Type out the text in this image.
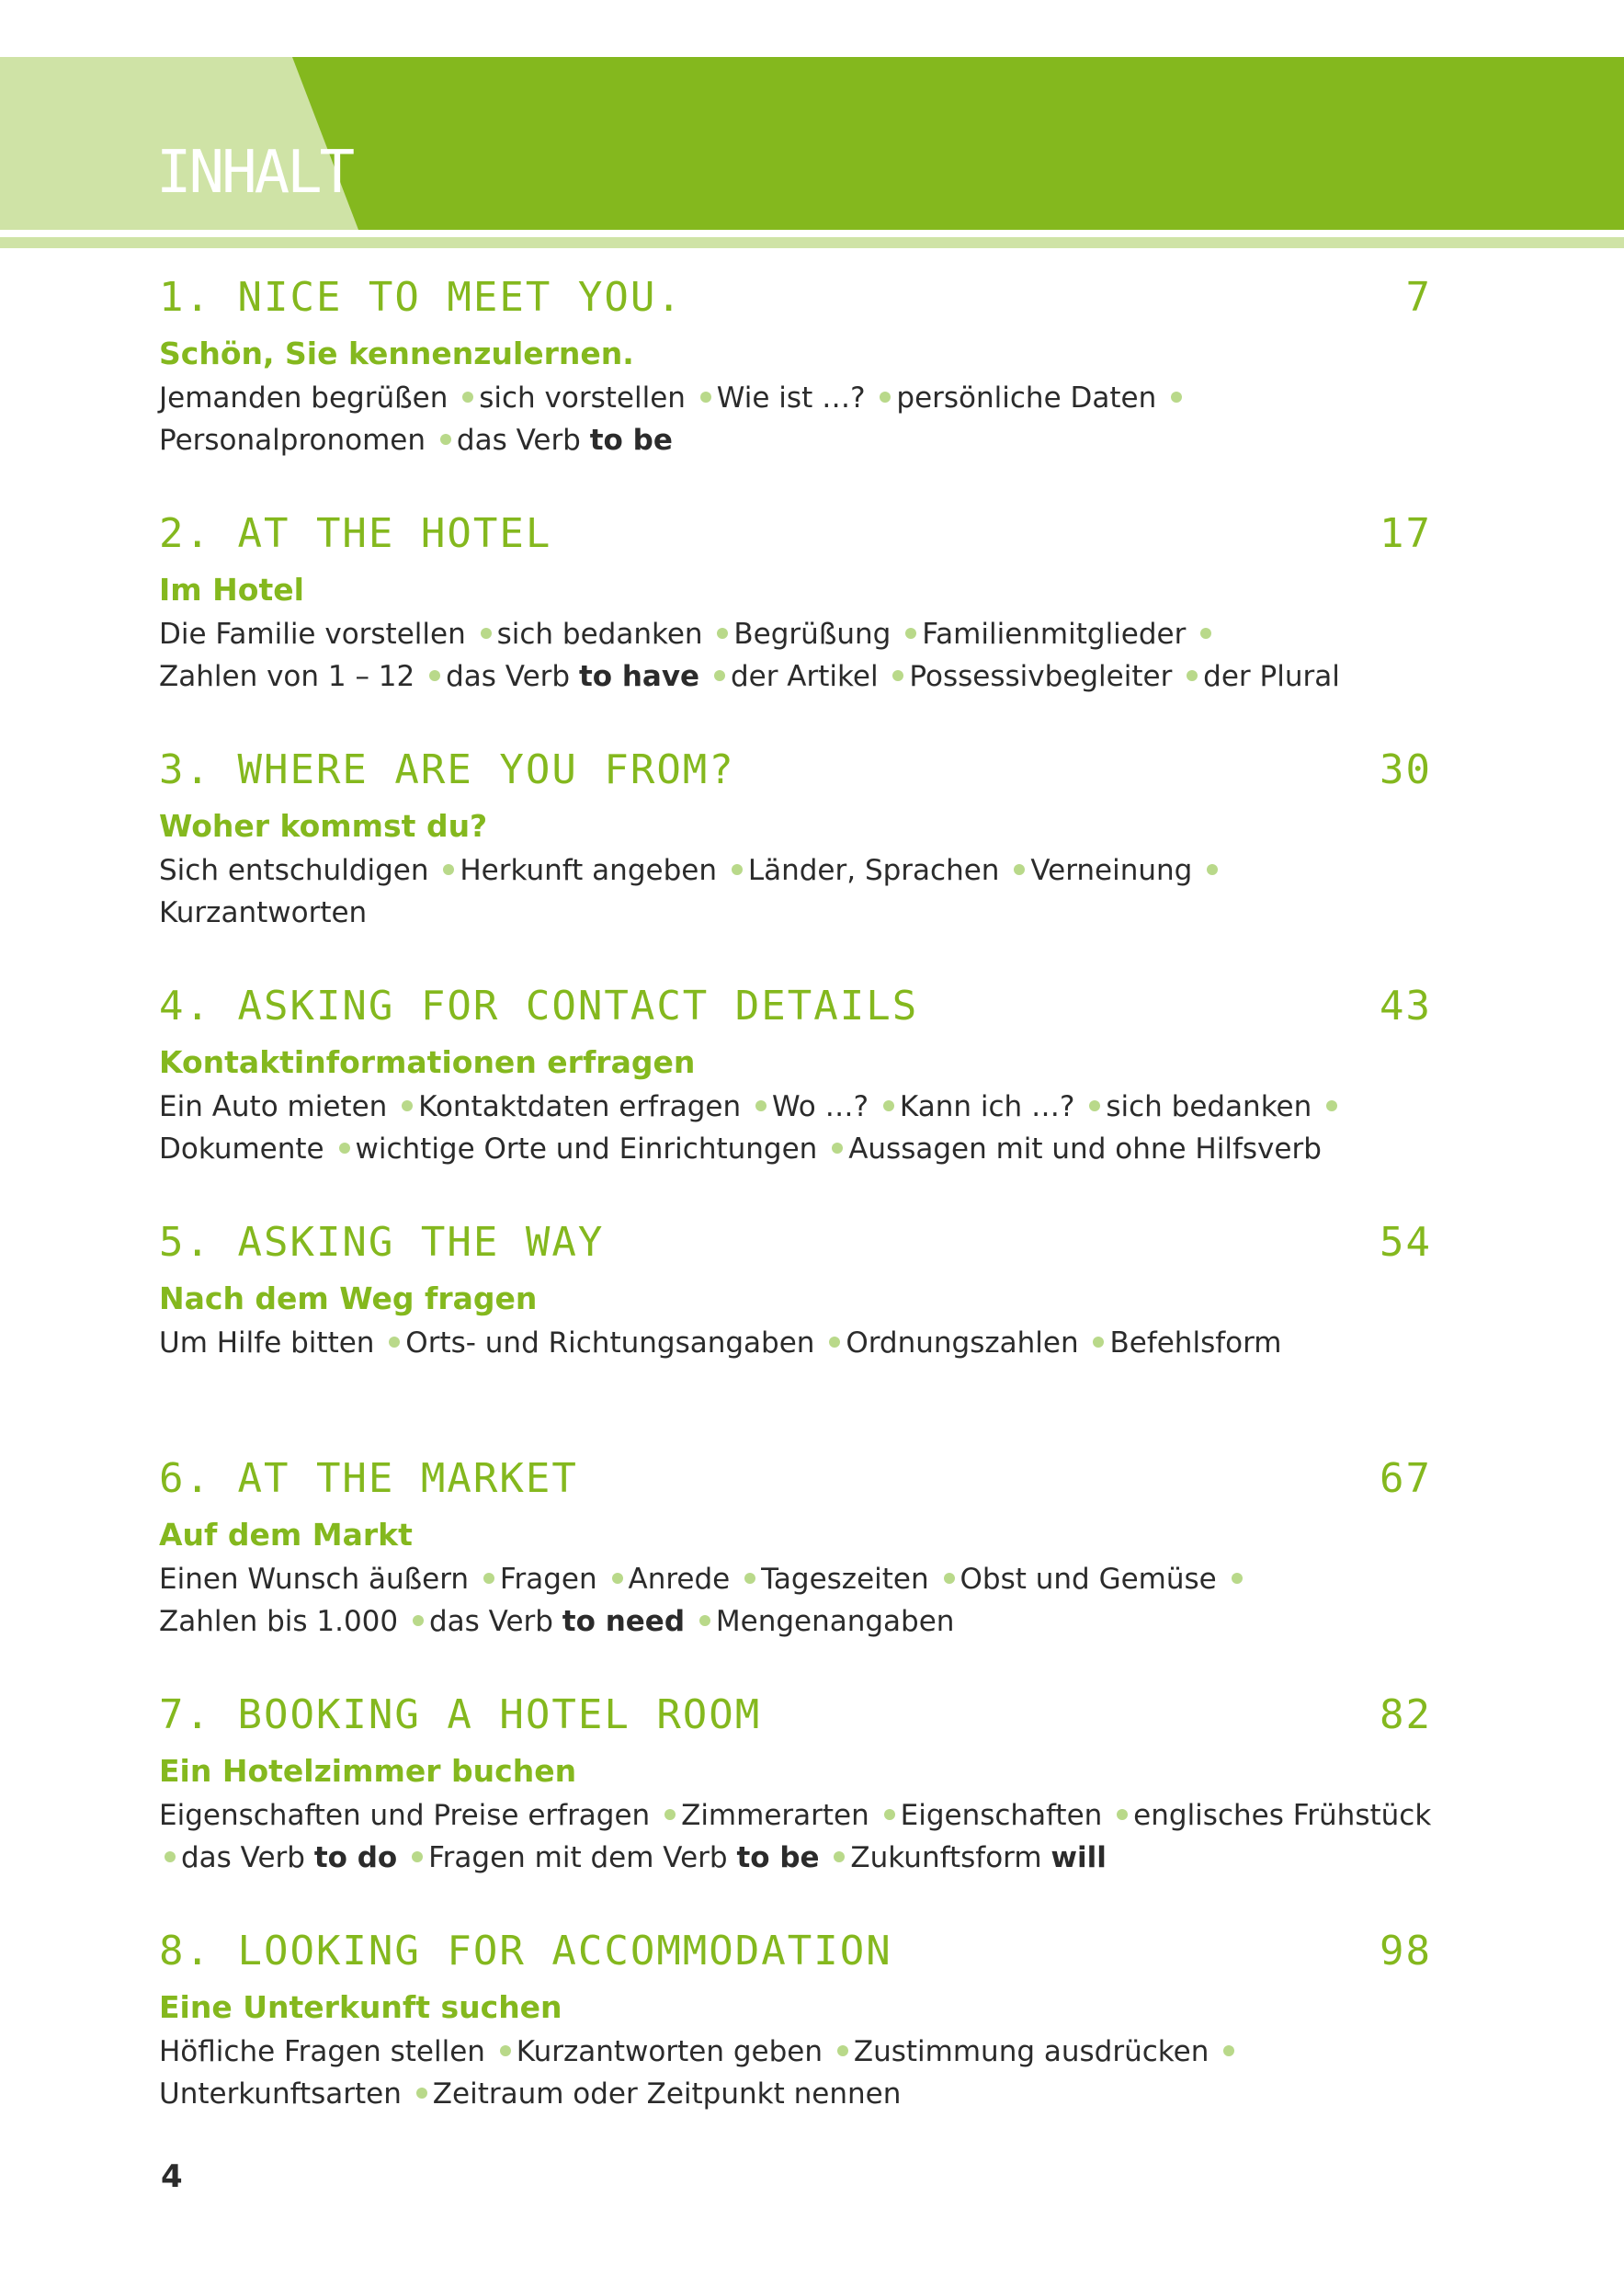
INHALT
1. NICE TO MEET YOU.	7
Schön, Sie kennenzulernen.
Jemanden begrüßen sich vorstellen Wie ist …? persönliche Daten
Personalpronomen das Verb to be
2. AT THE HOTEL	17
Im Hotel
Die Familie vorstellen sich bedanken Begrüßung Familienmitglieder Zahlen von 1 – 12 das Verb to have der Artikel Possessivbegleiter der Plural
3. WHERE ARE YOU FROM?	30
Woher kommst du?
Sich entschuldigen Herkunft angeben Länder, Sprachen Verneinung
Kurzantworten
4. ASKING FOR CONTACT DETAILS	43
Kontaktinformationen erfragen
Ein Auto mieten Kontaktdaten erfragen Wo …? Kann ich …? sich bedanken
Dokumente wichtige Orte und Einrichtungen Aussagen mit und ohne Hilfsverb
5. ASKING THE WAY	54
Nach dem Weg fragen
Um Hilfe bitten Orts- und Richtungsangaben Ordnungszahlen Befehlsform
6. AT THE MARKET	67
Auf dem Markt
Einen Wunsch äußern Fragen Anrede Tageszeiten Obst und Gemüse
Zahlen bis 1.000 das Verb to need Mengenangaben
7. BOOKING A HOTEL ROOM	82
Ein Hotelzimmer buchen
Eigenschaften und Preise erfragen Zimmerarten Eigenschaften englisches Frühstück das Verb to do Fragen mit dem Verb to be Zukunftsform will
8. LOOKING FOR ACCOMMODATION	98
Eine Unterkunft suchen
Höfliche Fragen stellen Kurzantworten geben Zustimmung ausdrücken
Unterkunftsarten Zeitraum oder Zeitpunkt nennen
4
